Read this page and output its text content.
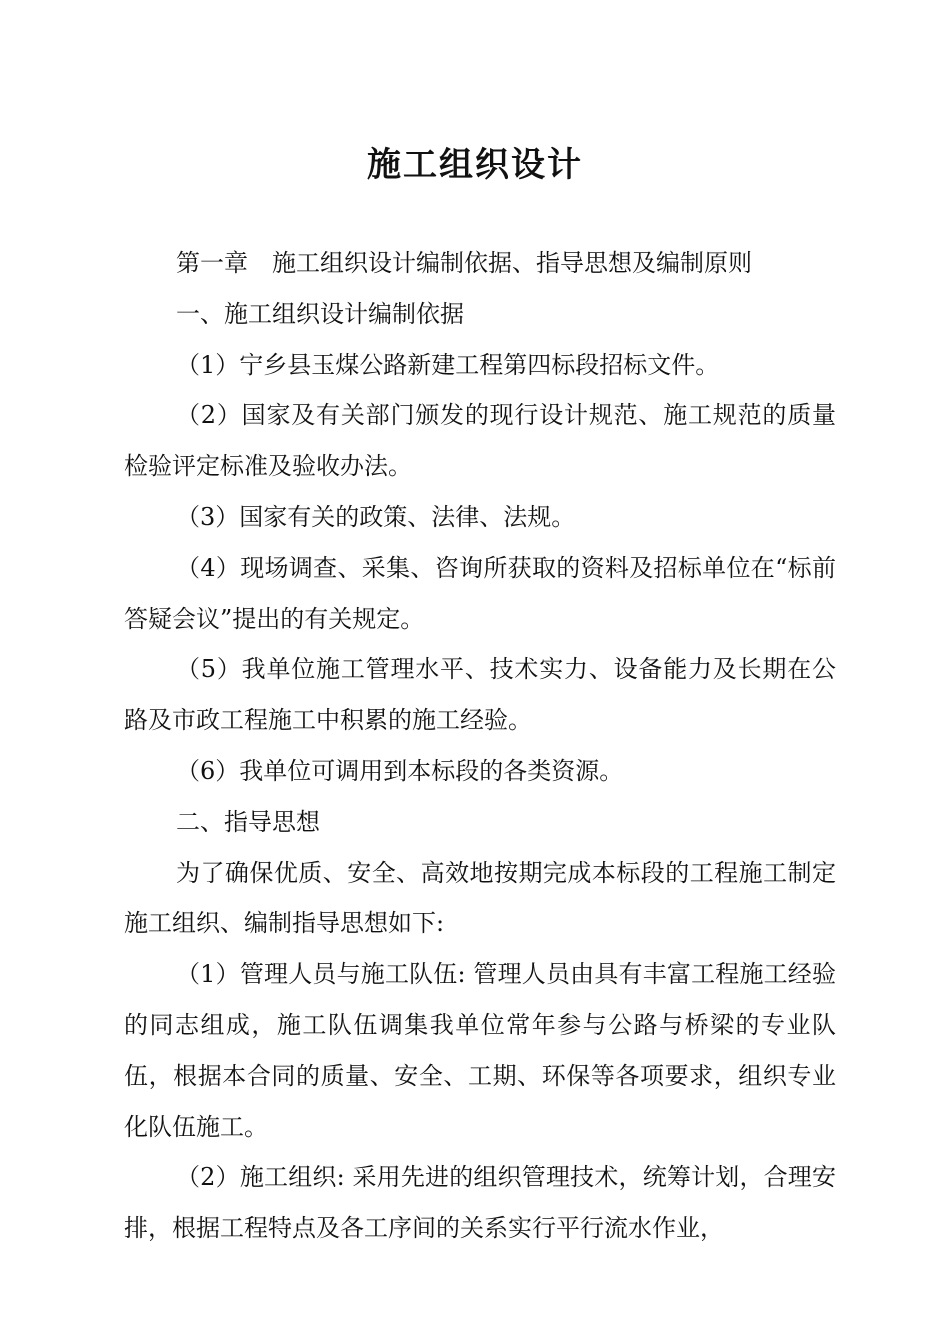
施工组织设计

第一章　施工组织设计编制依据、指导思想及编制原则

一、施工组织设计编制依据

（1）宁乡县玉煤公路新建工程第四标段招标文件。

（2）国家及有关部门颁发的现行设计规范、施工规范的质量检验评定标准及验收办法。

（3）国家有关的政策、法律、法规。

（4）现场调查、采集、咨询所获取的资料及招标单位在“标前答疑会议”提出的有关规定。

（5）我单位施工管理水平、技术实力、设备能力及长期在公路及市政工程施工中积累的施工经验。

（6）我单位可调用到本标段的各类资源。

二、指导思想

为了确保优质、安全、高效地按期完成本标段的工程施工制定施工组织、编制指导思想如下:

（1）管理人员与施工队伍: 管理人员由具有丰富工程施工经验的同志组成，施工队伍调集我单位常年参与公路与桥梁的专业队伍，根据本合同的质量、安全、工期、环保等各项要求，组织专业化队伍施工。

（2）施工组织: 采用先进的组织管理技术，统筹计划，合理安排，根据工程特点及各工序间的关系实行平行流水作业，
